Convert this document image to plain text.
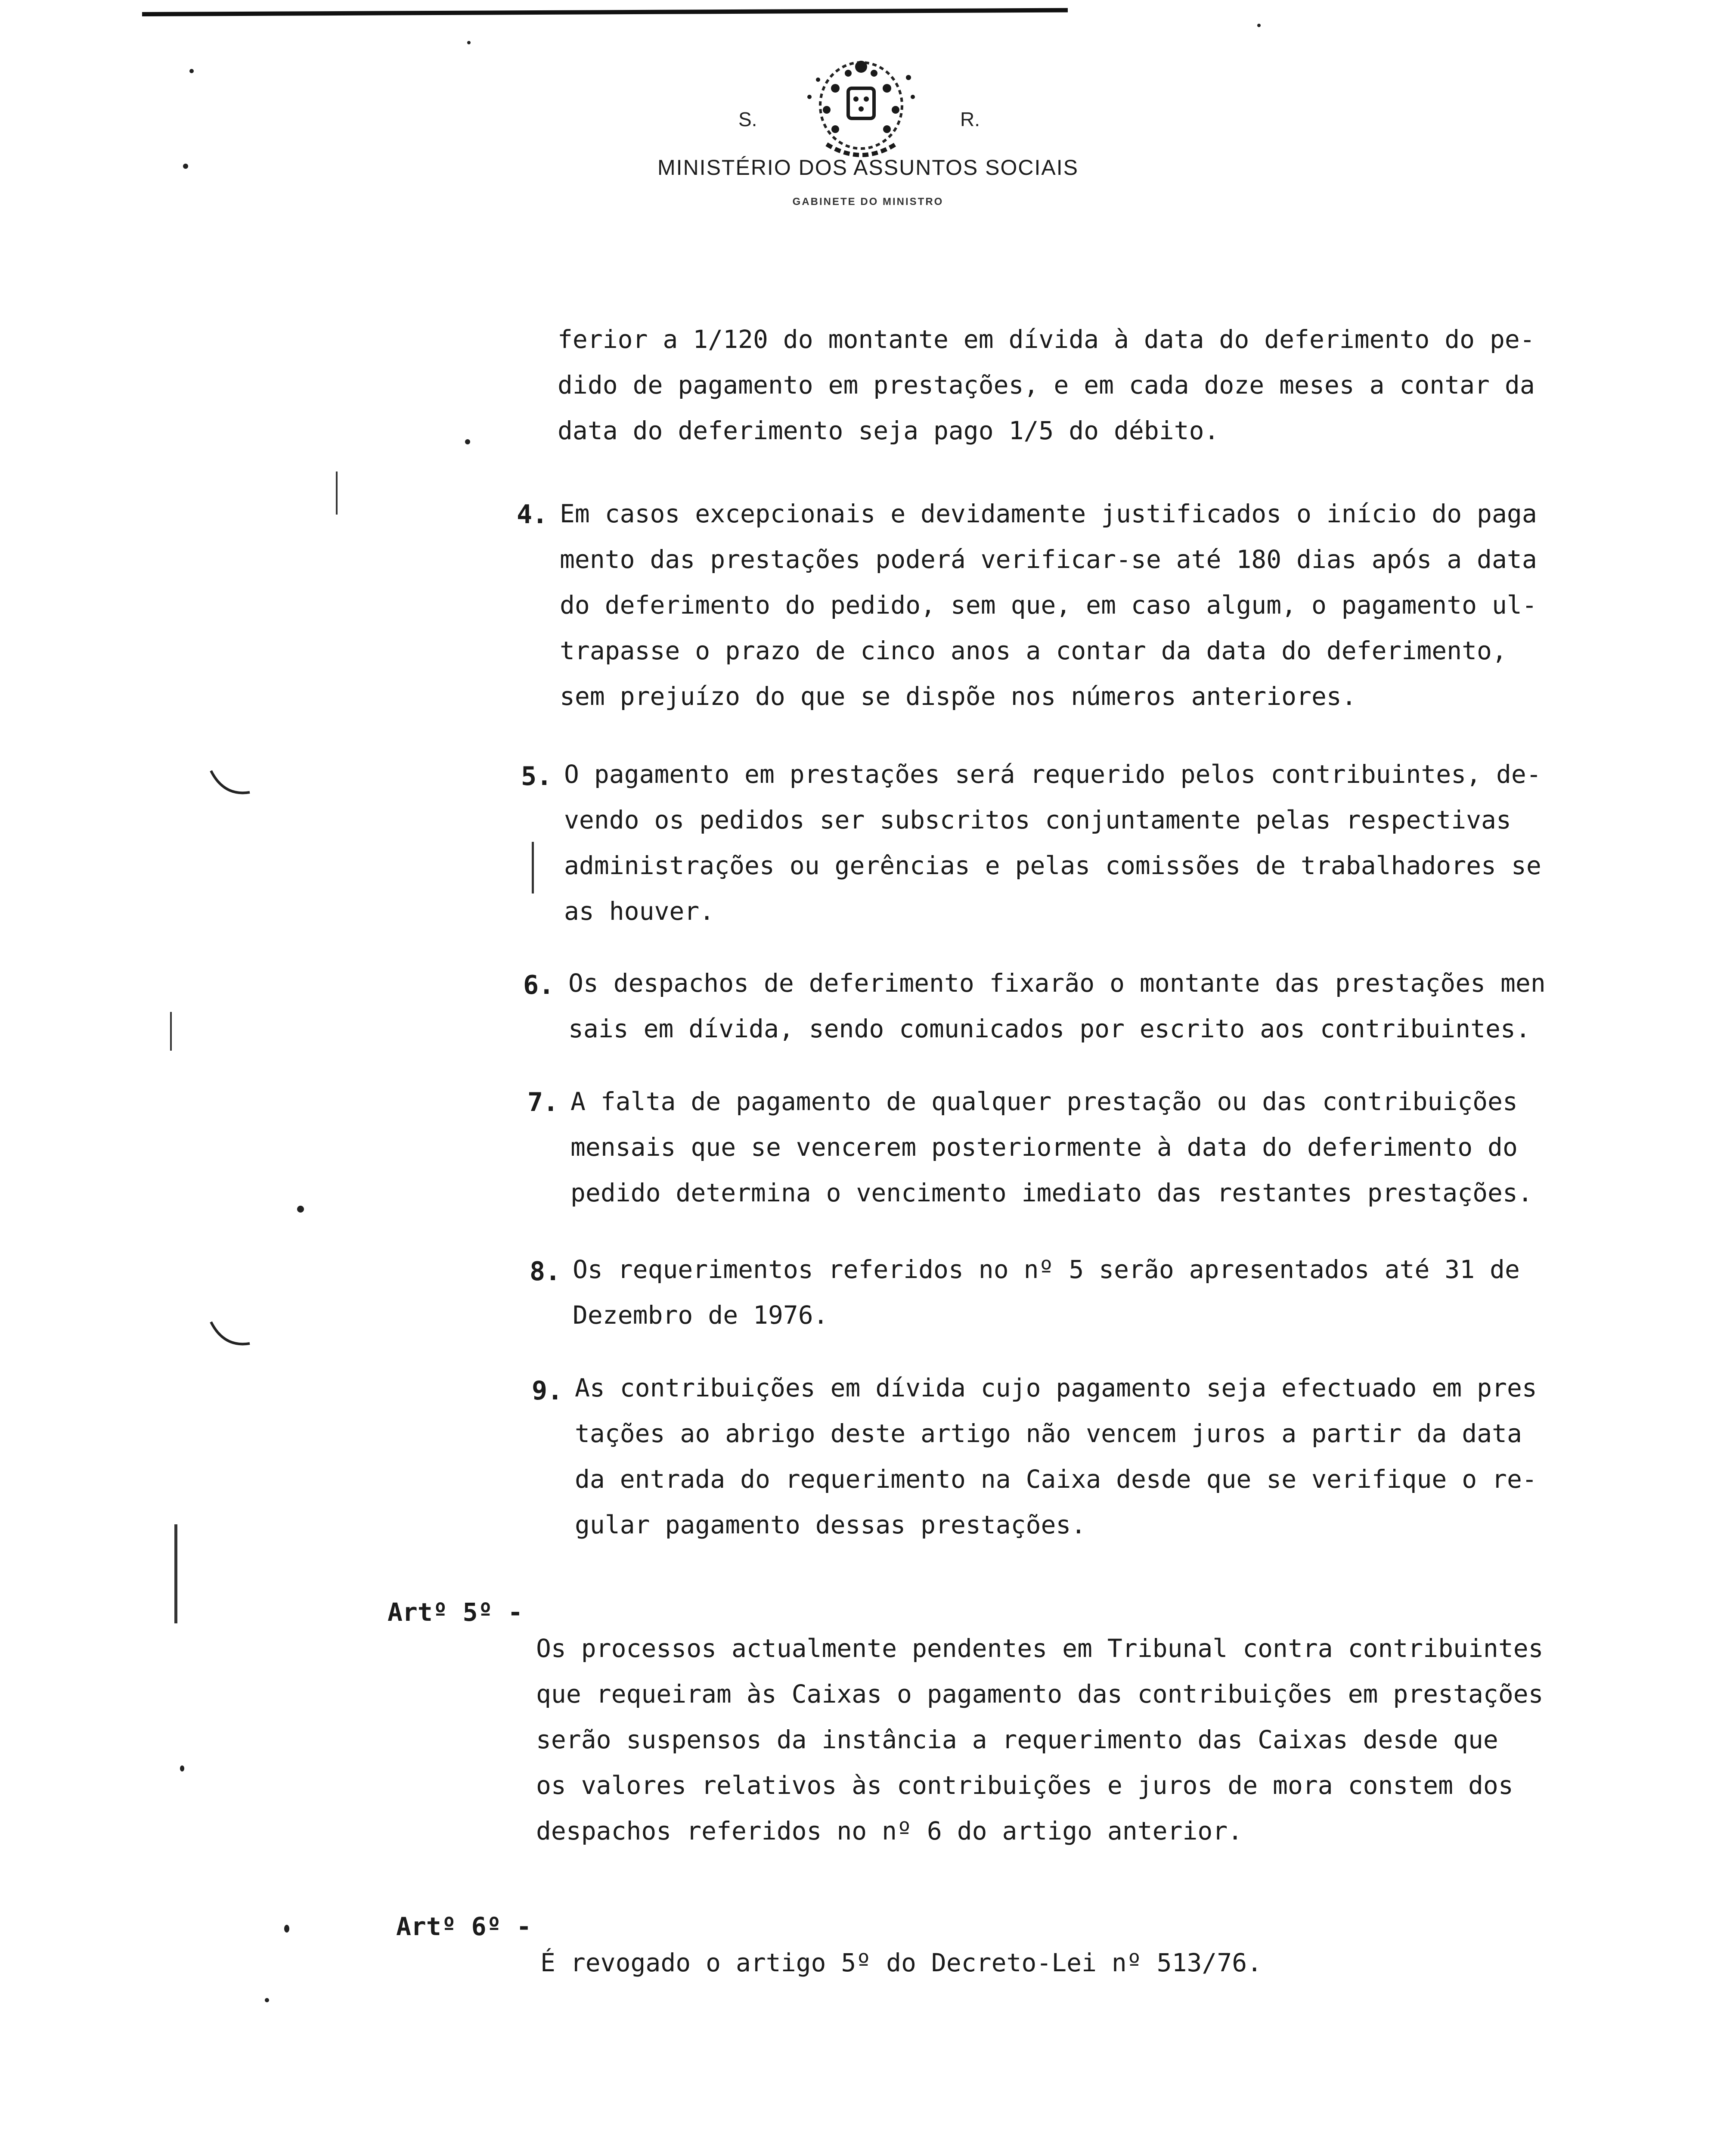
S.	R.
MINISTÉRIO DOS ASSUNTOS SOCIAIS
GABINETE DO MINISTRO
ferior a 1/120 do montante em dívida à data do deferimento do pe-
dido de pagamento em prestações, e em cada doze meses a contar da
data do deferimento seja pago 1/5 do débito.
4. Em casos excepcionais e devidamente justificados o início do paga
mento das prestações poderá verificar-se até 180 dias após a data
do deferimento do pedido, sem que, em caso algum, o pagamento ul-
trapasse o prazo de cinco anos a contar da data do deferimento,
sem prejuízo do que se dispõe nos números anteriores.
5. O pagamento em prestações será requerido pelos contribuintes, de-
vendo os pedidos ser subscritos conjuntamente pelas respectivas
administrações ou gerências e pelas comissões de trabalhadores se
as houver.
6. Os despachos de deferimento fixarão o montante das prestações men
sais em dívida, sendo comunicados por escrito aos contribuintes.
7. A falta de pagamento de qualquer prestação ou das contribuições
mensais que se vencerem posteriormente à data do deferimento do
pedido determina o vencimento imediato das restantes prestações.
8. Os requerimentos referidos no nº 5 serão apresentados até 31 de
Dezembro de 1976.
9. As contribuições em dívida cujo pagamento seja efectuado em pres
tações ao abrigo deste artigo não vencem juros a partir da data
da entrada do requerimento na Caixa desde que se verifique o re-
gular pagamento dessas prestações.
Artº 5º -
Os processos actualmente pendentes em Tribunal contra contribuintes
que requeiram às Caixas o pagamento das contribuições em prestações
serão suspensos da instância a requerimento das Caixas desde que
os valores relativos às contribuições e juros de mora constem dos
despachos referidos no nº 6 do artigo anterior.
Artº 6º -
É revogado o artigo 5º do Decreto-Lei nº 513/76.
